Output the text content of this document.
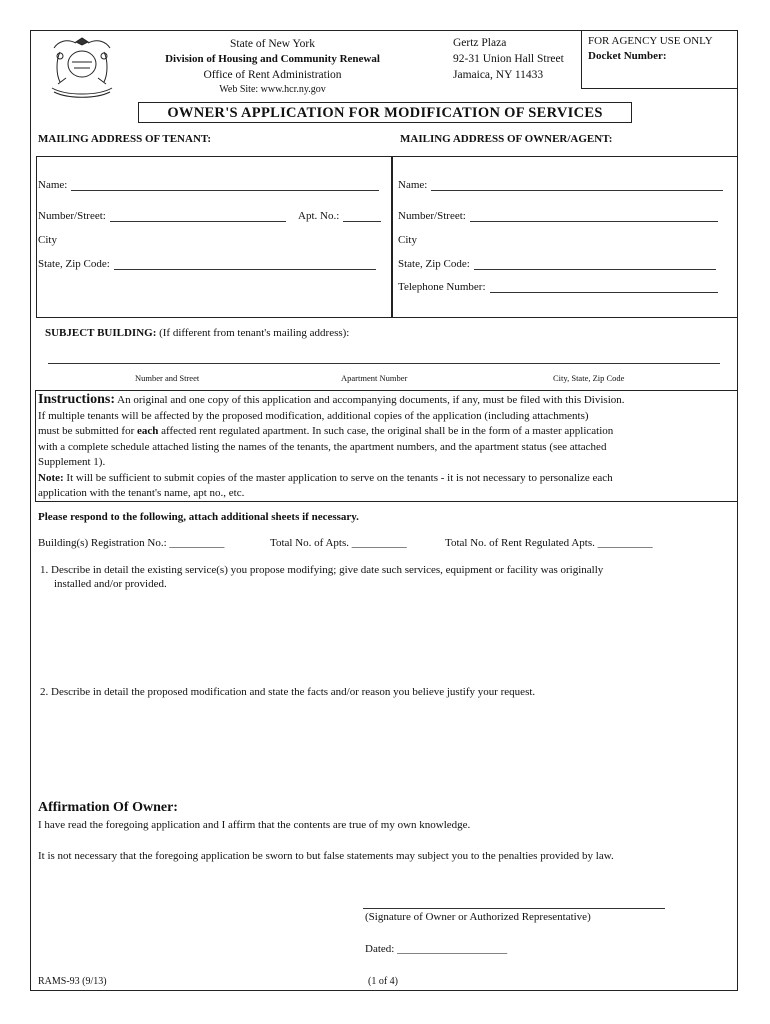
State of New York
Division of Housing and Community Renewal
Office of Rent Administration
Web Site: www.hcr.ny.gov
Gertz Plaza
92-31 Union Hall Street
Jamaica, NY 11433
FOR AGENCY USE ONLY
Docket Number:
OWNER'S APPLICATION FOR MODIFICATION OF SERVICES
MAILING ADDRESS OF TENANT:	MAILING ADDRESS OF OWNER/AGENT:
Name:
Number/Street:	Apt. No.:
City
State, Zip Code:
Name:
Number/Street:
City
State, Zip Code:
Telephone Number:
SUBJECT BUILDING: (If different from tenant's mailing address):
Number and Street	Apartment Number	City, State, Zip Code
Instructions: An original and one copy of this application and accompanying documents, if any, must be filed with this Division.
If multiple tenants will be affected by the proposed modification, additional copies of the application (including attachments)
must be submitted for each affected rent regulated apartment. In such case, the original shall be in the form of a master application
with a complete schedule attached listing the names of the tenants, the apartment numbers, and the apartment status (see attached
Supplement 1).
Note: It will be sufficient to submit copies of the master application to serve on the tenants - it is not necessary to personalize each
application with the tenant's name, apt no., etc.
Please respond to the following, attach additional sheets if necessary.
Building(s) Registration No.: __________	Total No. of Apts. __________	Total No. of Rent Regulated Apts. __________
1. Describe in detail the existing service(s) you propose modifying; give date such services, equipment or facility was originally
installed and/or provided.
2. Describe in detail the proposed modification and state the facts and/or reason you believe justify your request.
Affirmation Of Owner:
I have read the foregoing application and I affirm that the contents are true of my own knowledge.
It is not necessary that the foregoing application be sworn to but false statements may subject you to the penalties provided by law.
(Signature of Owner or Authorized Representative)
Dated: ____________________
RAMS-93 (9/13)	(1 of 4)
